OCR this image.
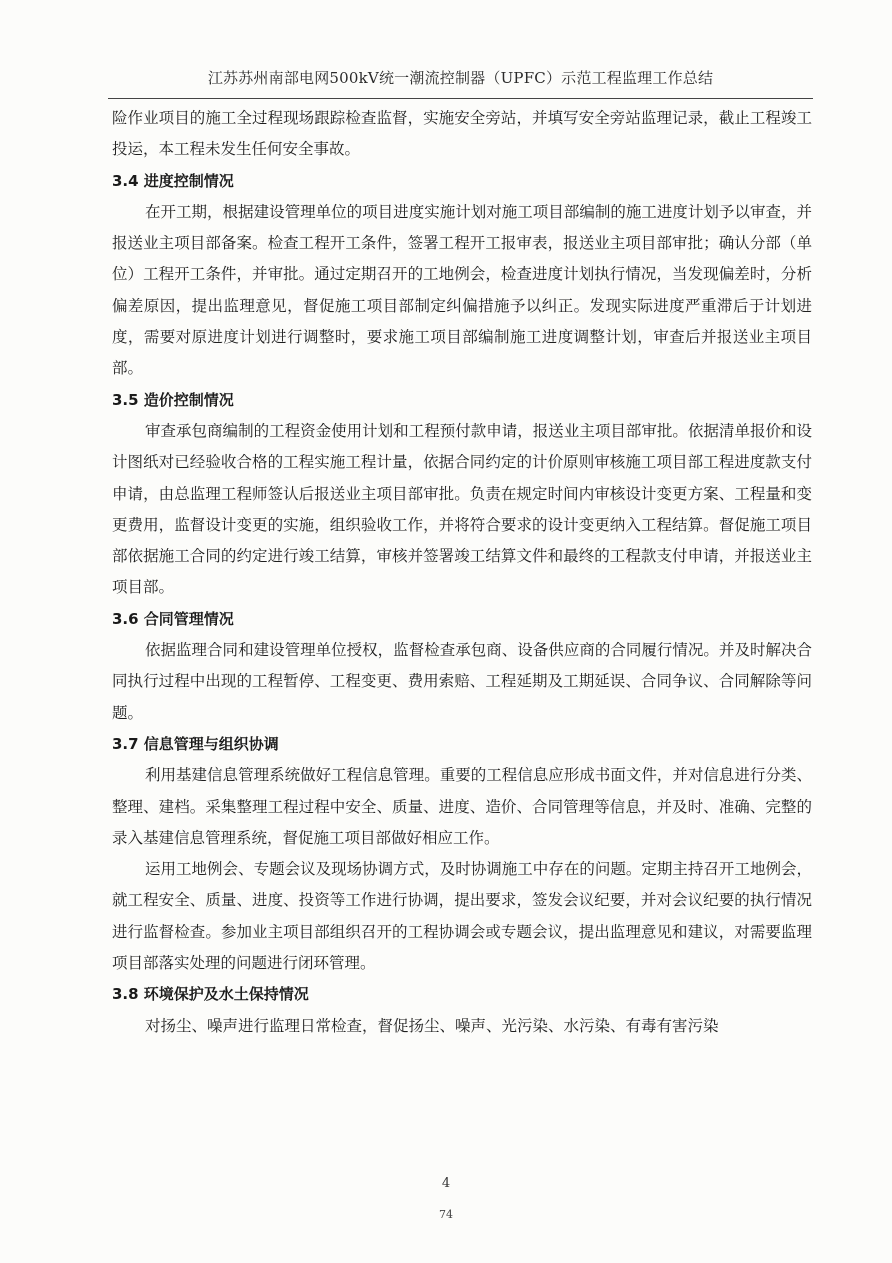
江苏苏州南部电网500kV统一潮流控制器（UPFC）示范工程监理工作总结

险作业项目的施工全过程现场跟踪检查监督，实施安全旁站，并填写安全旁站监理记录，截止工程竣工投运，本工程未发生任何安全事故。

3.4 进度控制情况

在开工期，根据建设管理单位的项目进度实施计划对施工项目部编制的施工进度计划予以审查，并报送业主项目部备案。检查工程开工条件，签署工程开工报审表，报送业主项目部审批；确认分部（单位）工程开工条件，并审批。通过定期召开的工地例会，检查进度计划执行情况，当发现偏差时，分析偏差原因，提出监理意见，督促施工项目部制定纠偏措施予以纠正。发现实际进度严重滞后于计划进度，需要对原进度计划进行调整时，要求施工项目部编制施工进度调整计划，审查后并报送业主项目部。

3.5 造价控制情况

审查承包商编制的工程资金使用计划和工程预付款申请，报送业主项目部审批。依据清单报价和设计图纸对已经验收合格的工程实施工程计量，依据合同约定的计价原则审核施工项目部工程进度款支付申请，由总监理工程师签认后报送业主项目部审批。负责在规定时间内审核设计变更方案、工程量和变更费用，监督设计变更的实施，组织验收工作，并将符合要求的设计变更纳入工程结算。督促施工项目部依据施工合同的约定进行竣工结算，审核并签署竣工结算文件和最终的工程款支付申请，并报送业主项目部。

3.6 合同管理情况

依据监理合同和建设管理单位授权，监督检查承包商、设备供应商的合同履行情况。并及时解决合同执行过程中出现的工程暂停、工程变更、费用索赔、工程延期及工期延误、合同争议、合同解除等问题。

3.7 信息管理与组织协调

利用基建信息管理系统做好工程信息管理。重要的工程信息应形成书面文件，并对信息进行分类、整理、建档。采集整理工程过程中安全、质量、进度、造价、合同管理等信息，并及时、准确、完整的录入基建信息管理系统，督促施工项目部做好相应工作。

运用工地例会、专题会议及现场协调方式，及时协调施工中存在的问题。定期主持召开工地例会，就工程安全、质量、进度、投资等工作进行协调，提出要求，签发会议纪要，并对会议纪要的执行情况进行监督检查。参加业主项目部组织召开的工程协调会或专题会议，提出监理意见和建议，对需要监理项目部落实处理的问题进行闭环管理。

3.8 环境保护及水土保持情况

对扬尘、噪声进行监理日常检查，督促扬尘、噪声、光污染、水污染、有毒有害污染

4
74
